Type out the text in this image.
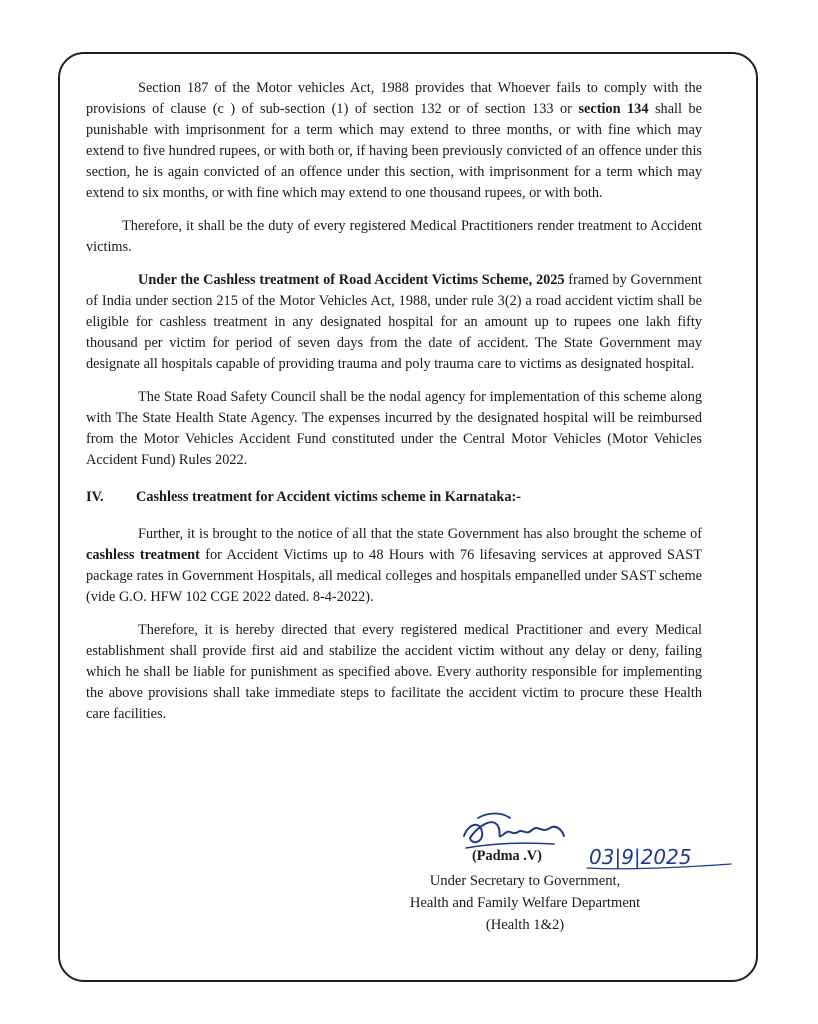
Section 187 of the Motor vehicles Act, 1988 provides that Whoever fails to comply with the provisions of clause (c ) of sub-section (1) of section 132 or of section 133 or section 134 shall be punishable with imprisonment for a term which may extend to three months, or with fine which may extend to five hundred rupees, or with both or, if having been previously convicted of an offence under this section, he is again convicted of an offence under this section, with imprisonment for a term which may extend to six months, or with fine which may extend to one thousand rupees, or with both.

Therefore, it shall be the duty of every registered Medical Practitioners render treatment to Accident victims.

Under the Cashless treatment of Road Accident Victims Scheme, 2025 framed by Government of India under section 215 of the Motor Vehicles Act, 1988, under rule 3(2) a road accident victim shall be eligible for cashless treatment in any designated hospital for an amount up to rupees one lakh fifty thousand per victim for period of seven days from the date of accident. The State Government may designate all hospitals capable of providing trauma and poly trauma care to victims as designated hospital.

The State Road Safety Council shall be the nodal agency for implementation of this scheme along with The State Health State Agency. The expenses incurred by the designated hospital will be reimbursed from the Motor Vehicles Accident Fund constituted under the Central Motor Vehicles (Motor Vehicles Accident Fund) Rules 2022.

IV.	Cashless treatment for Accident victims scheme in Karnataka:-

Further, it is brought to the notice of all that the state Government has also brought the scheme of cashless treatment for Accident Victims up to 48 Hours with 76 lifesaving services at approved SAST package rates in Government Hospitals, all medical colleges and hospitals empanelled under SAST scheme (vide G.O. HFW 102 CGE 2022 dated. 8-4-2022).

Therefore, it is hereby directed that every registered medical Practitioner and every Medical establishment shall provide first aid and stabilize the accident victim without any delay or deny, failing which he shall be liable for punishment as specified above. Every authority responsible for implementing the above provisions shall take immediate steps to facilitate the accident victim to procure these Health care facilities.

(Padma .V) 03|9|2025
Under Secretary to Government,
Health and Family Welfare Department
(Health 1&2)
